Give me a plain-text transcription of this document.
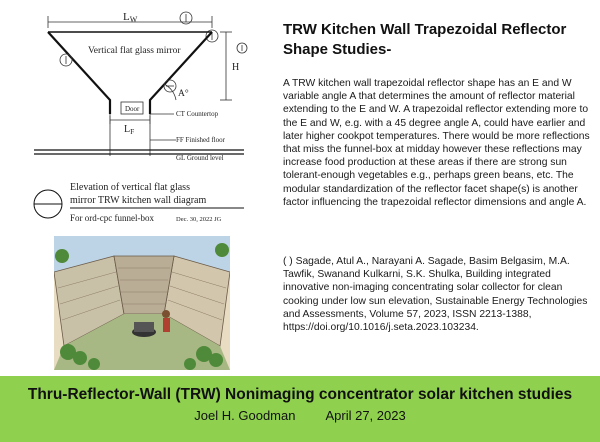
LW
Vertical flat glass mirror
H
A°
Door
CT Countertop
$L_F$
FF Finished floor
GL Ground level
Elevation of vertical flat glass
mirror TRW kitchen wall diagram
For ord-cpc funnel-box	Dec. 30, 2022 JG
TRW Kitchen Wall Trapezoidal Reflector Shape Studies-
A TRW kitchen wall trapezoidal reflector shape has an E and W variable angle A that determines the amount of reflector material extending to the E and W. A trapezoidal reflector extending more to the E and W, e.g. with a 45 degree angle A, could have earlier and later higher cookpot temperatures. There would be more reflections that miss the funnel-box at midday however these reflections may increase food production at these areas if there are strong sun tolerant-enough vegetables e.g., perhaps green beans, etc. The modular standardization of the reflector facet shape(s) is another factor influencing the trapezoidal reflector dimensions and angle A.
( ) Sagade, Atul A., Narayani A. Sagade, Basim Belgasim, M.A. Tawfik, Swanand Kulkarni, S.K. Shulka, Building integrated innovative non-imaging concentrating solar collector for clean cooking under low sun elevation, Sustainable Energy Technologies and Assessments, Volume 57, 2023, ISSN 2213-1388, https://doi.org/10.1016/j.seta.2023.103234.
Thru-Reflector-Wall (TRW) Nonimaging concentrator solar kitchen studies
Joel H. Goodman April 27, 2023
